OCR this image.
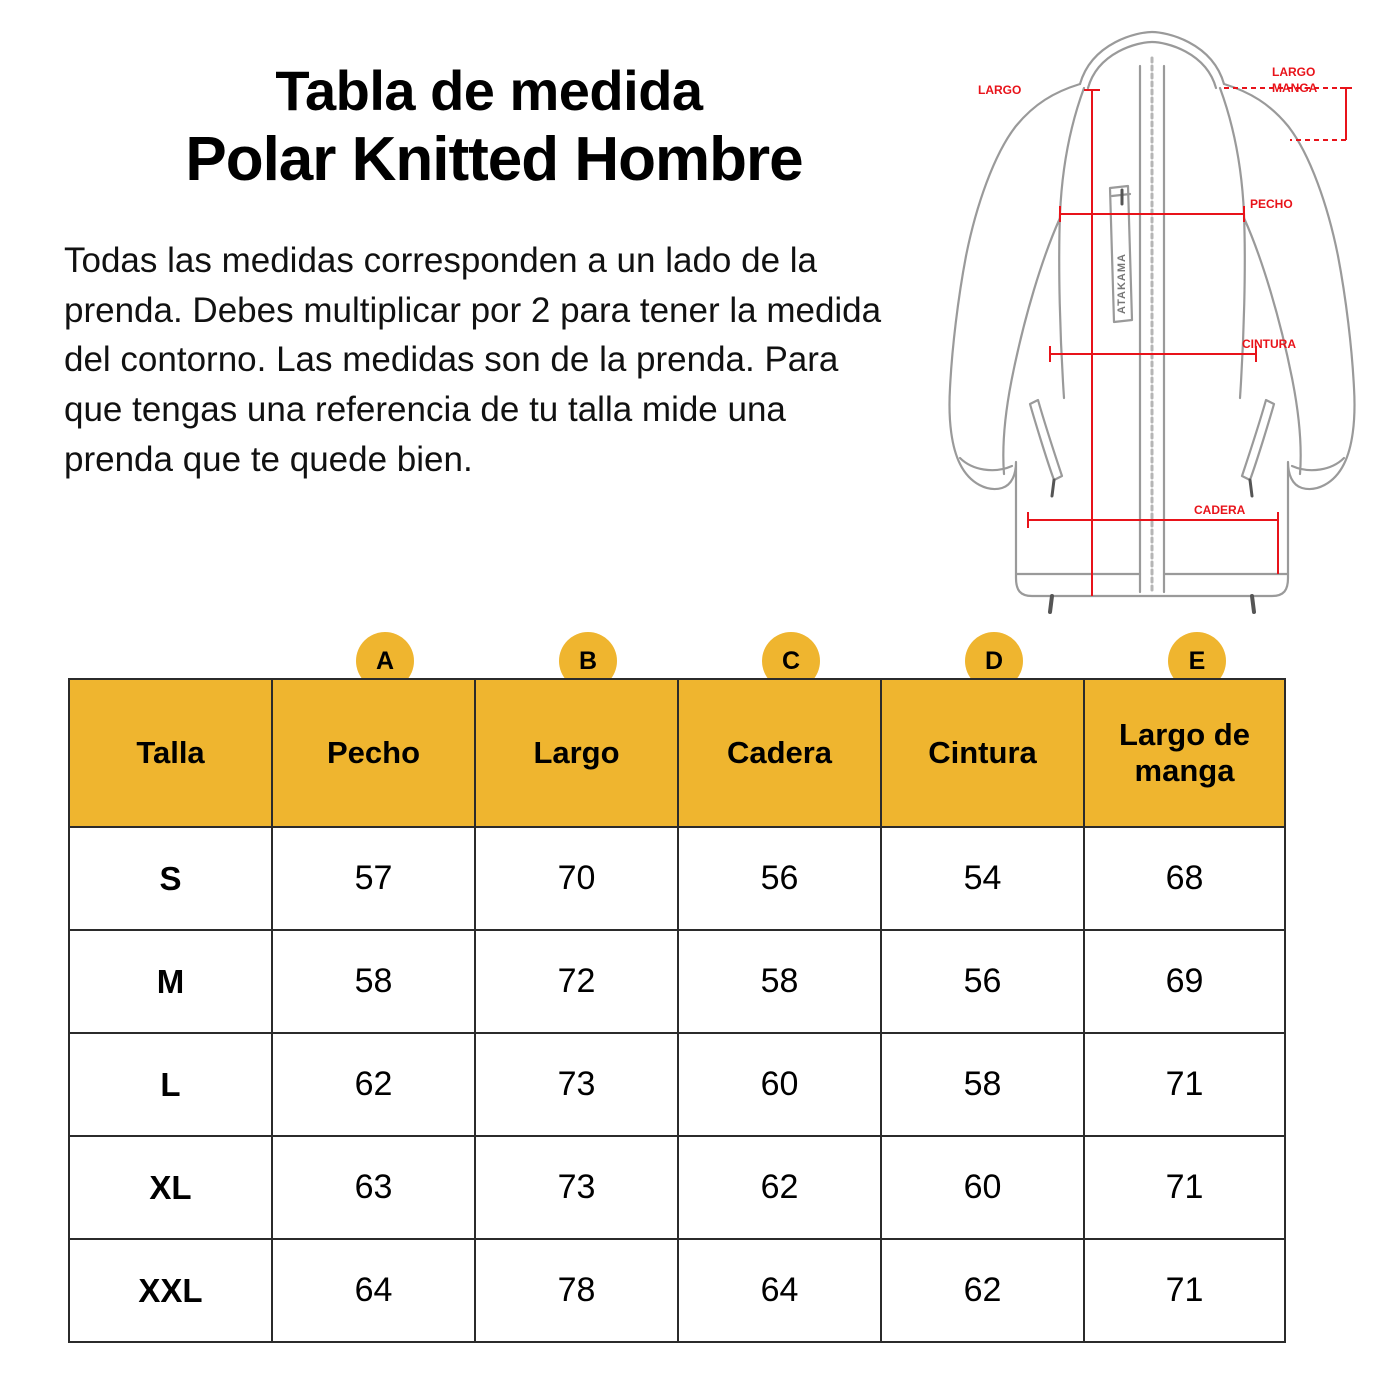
Tabla de medida
Polar Knitted Hombre

Todas las medidas corresponden a un lado de la prenda. Debes multiplicar por 2 para tener la medida del contorno. Las medidas son de la prenda. Para que tengas una referencia de tu talla mide una prenda que te quede bien.

ATAKAMA
LARGO
LARGO
MANGA
PECHO
CINTURA
CADERA
A	B	C	D	E
Talla	Pecho	Largo	Cadera	Cintura	Largo de manga
S	57	70	56	54	68
M	58	72	58	56	69
L	62	73	60	58	71
XL	63	73	62	60	71
XXL	64	78	64	62	71
